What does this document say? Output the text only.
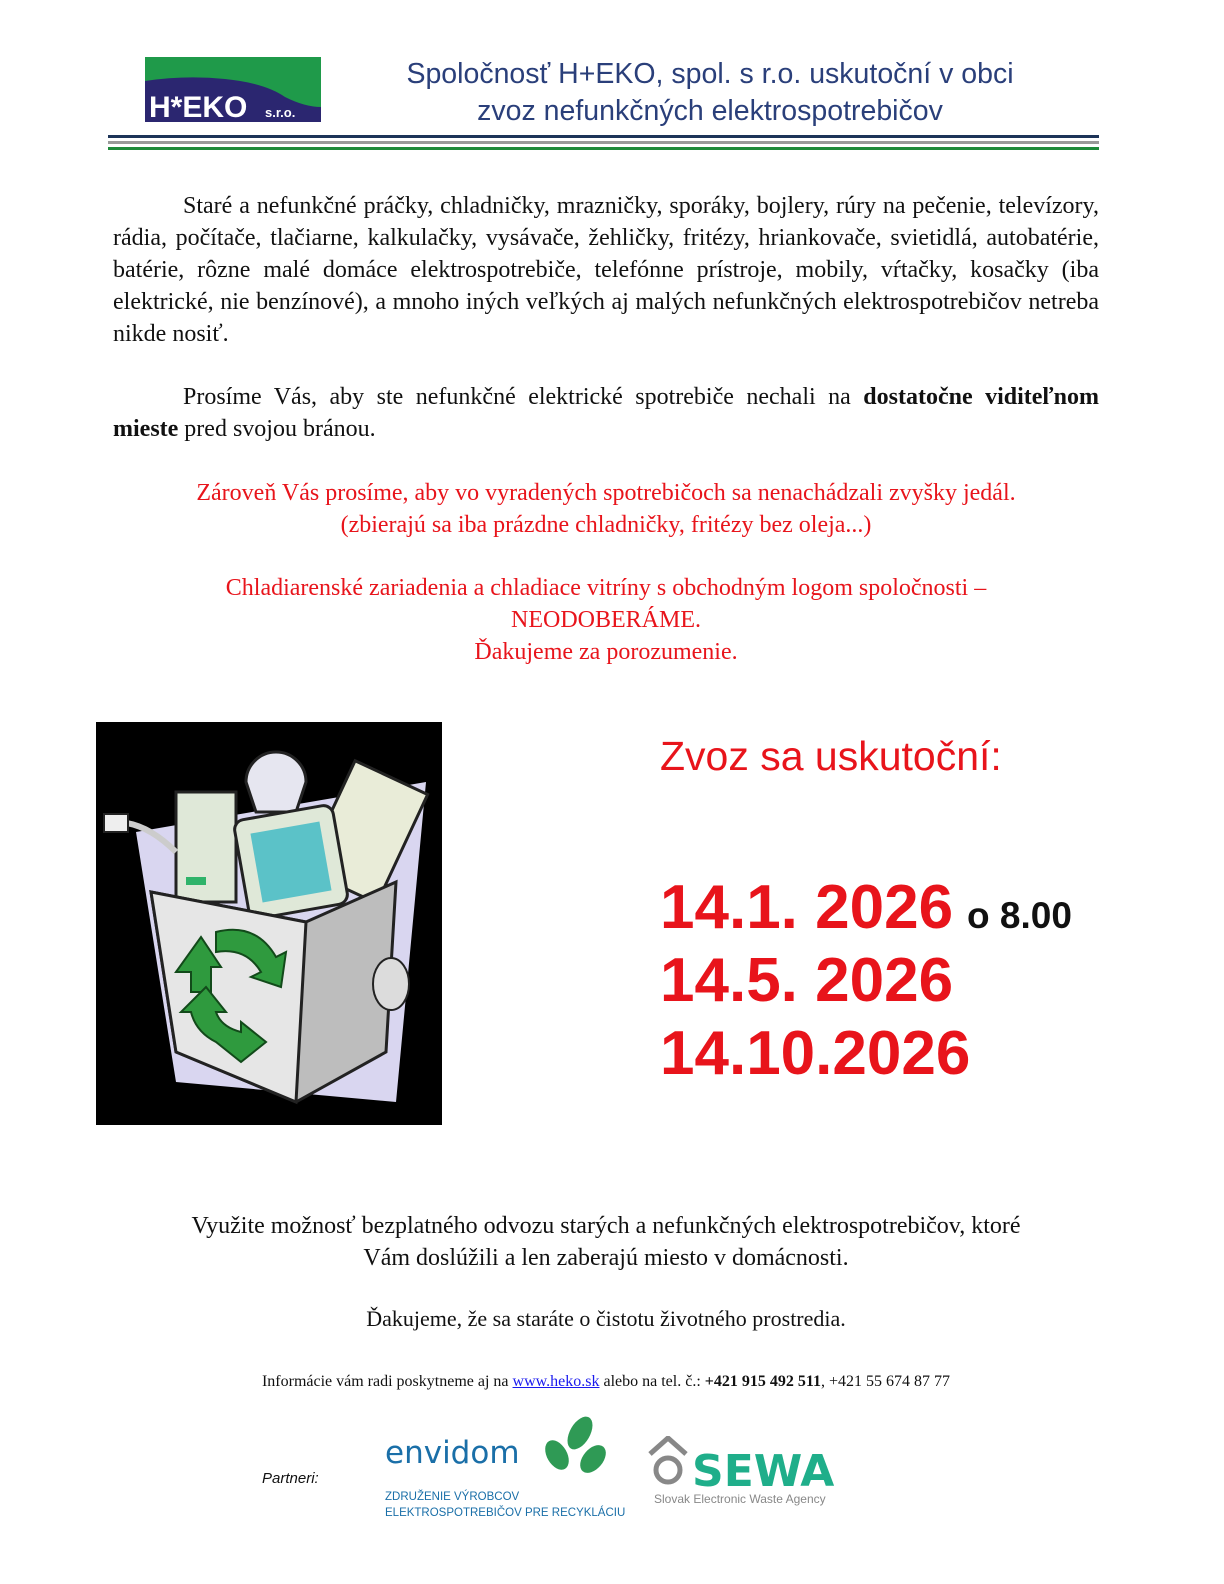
H*EKO s.r.o.
Spoločnosť H+EKO, spol. s r.o. uskutoční v obci
zvoz nefunkčných elektrospotrebičov

Staré a nefunkčné práčky, chladničky, mrazničky, sporáky, bojlery, rúry na pečenie, televízory, rádia, počítače, tlačiarne, kalkulačky, vysávače, žehličky, fritézy, hriankovače, svietidlá, autobatérie, batérie, rôzne malé domáce elektrospotrebiče, telefónne prístroje, mobily, vŕtačky, kosačky (iba elektrické, nie benzínové), a mnoho iných veľkých aj malých nefunkčných elektrospotrebičov netreba nikde nosiť.

Prosíme Vás, aby ste nefunkčné elektrické spotrebiče nechali na dostatočne viditeľnom mieste pred svojou bránou.

Zároveň Vás prosíme, aby vo vyradených spotrebičoch sa nenachádzali zvyšky jedál.
(zbierajú sa iba prázdne chladničky, fritézy bez oleja...)
Chladiarenské zariadenia a chladiace vitríny s obchodným logom spoločnosti –
NEODOBERÁME.
Ďakujeme za porozumenie.
Zvoz sa uskutoční:
14.1. 2026 o 8.00
14.5. 2026
14.10.2026
Využite možnosť bezplatného odvozu starých a nefunkčných elektrospotrebičov, ktoré
Vám doslúžili a len zaberajú miesto v domácnosti.
Ďakujeme, že sa staráte o čistotu životného prostredia.
Informácie vám radi poskytneme aj na www.heko.sk alebo na tel. č.: +421 915 492 511, +421 55 674 87 77
Partneri:
envidom
ZDRUŽENIE VÝROBCOV
ELEKTROSPOTREBIČOV PRE RECYKLÁCIU
SEWA
Slovak Electronic Waste Agency
